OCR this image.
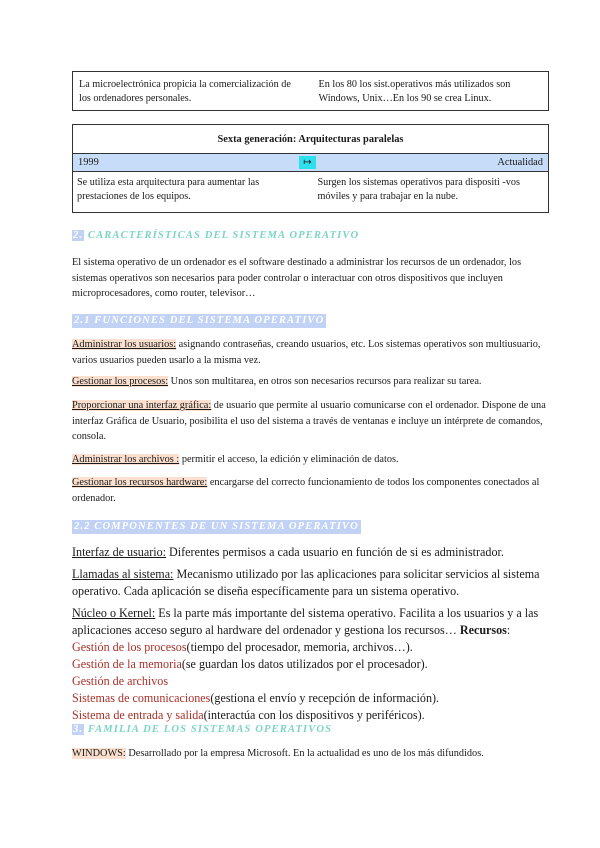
La microelectrónica propicia la comercialización de los ordenadores personales.
En los 80 los sist.operativos más utilizados son Windows, Unix…En los 90 se crea Linux.
Sexta generación: Arquitecturas paralelas
1999	↦	Actualidad
Se utiliza esta arquitectura para aumentar las prestaciones de los equipos.
Surgen los sistemas operativos para dispositi -vos móviles y para trabajar en la nube.
2. CARACTERÍSTICAS DEL SISTEMA OPERATIVO
El sistema operativo de un ordenador es el software destinado a administrar los recursos de un ordenador, los sistemas operativos son necesarios para poder controlar o interactuar con otros dispositivos que incluyen microprocesadores, como router, televisor…
2.1 FUNCIONES DEL SISTEMA OPERATIVO
Administrar los usuarios: asignando contraseñas, creando usuarios, etc. Los sistemas operativos son multiusuario, varios usuarios pueden usarlo a la misma vez.
Gestionar los procesos: Unos son multitarea, en otros son necesarios recursos para realizar su tarea.
Proporcionar una interfaz gráfica: de usuario que permite al usuario comunicarse con el ordenador. Dispone de una interfaz Gráfica de Usuario, posibilita el uso del sistema a través de ventanas e incluye un intérprete de comandos, consola.
Administrar los archivos : permitir el acceso, la edición y eliminación de datos.
Gestionar los recursos hardware: encargarse del correcto funcionamiento de todos los componentes conectados al ordenador.
2.2 COMPONENTES DE UN SISTEMA OPERATIVO
Interfaz de usuario: Diferentes permisos a cada usuario en función de si es administrador.
Llamadas al sistema: Mecanismo utilizado por las aplicaciones para solicitar servicios al sistema operativo. Cada aplicación se diseña específicamente para un sistema operativo.
Núcleo o Kernel: Es la parte más importante del sistema operativo. Facilita a los usuarios y a las aplicaciones acceso seguro al hardware del ordenador y gestiona los recursos… Recursos:
Gestión de los procesos(tiempo del procesador, memoria, archivos…).
Gestión de la memoria(se guardan los datos utilizados por el procesador).
Gestión de archivos
Sistemas de comunicaciones(gestiona el envío y recepción de información).
Sistema de entrada y salida(interactúa con los dispositivos y periféricos).
3. FAMILIA DE LOS SISTEMAS OPERATIVOS
WINDOWS: Desarrollado por la empresa Microsoft. En la actualidad es uno de los más difundidos.
